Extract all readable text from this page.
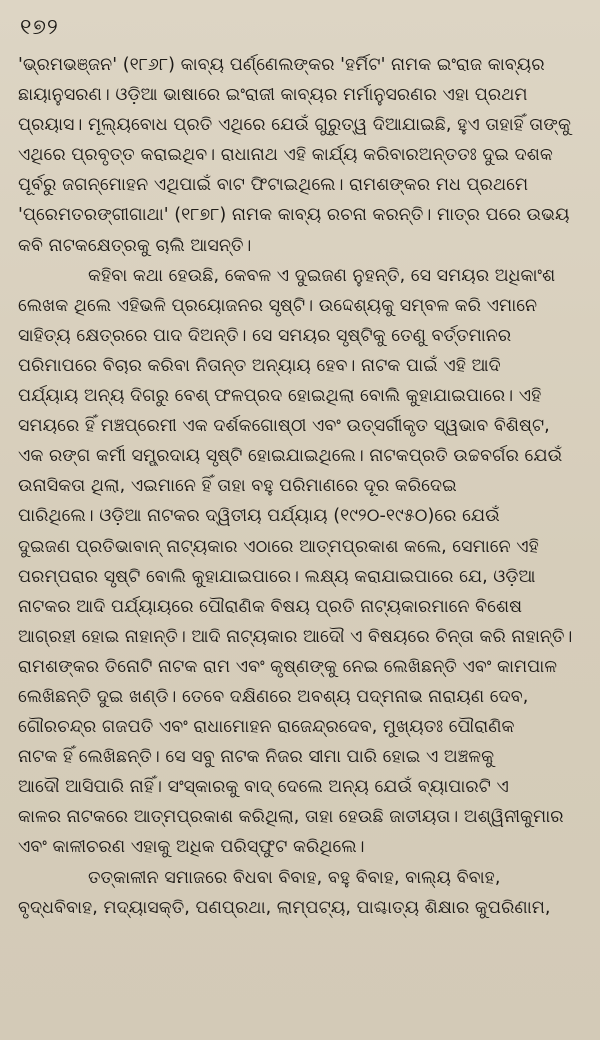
୧୭୨

'ଭ୍ରମଭଞ୍ଜନ' (୧୮୬୮) କାବ୍ୟ ପର୍ଣ୍ଣେଲଙ୍କର 'ହର୍ମିଟ' ନାମକ ଇଂରାଜ କାବ୍ୟର
ଛାୟାନୁସରଣ। ଓଡ଼ିଆ ଭାଷାରେ ଇଂରାଜୀ କାବ୍ୟର ମର୍ମାନୁସରଣର ଏହା ପ୍ରଥମ
ପ୍ରୟାସ। ମୂଲ୍ୟବୋଧ ପ୍ରତି ଏଥିରେ ଯେଉଁ ଗୁରୁତ୍ୱ ଦିଆଯାଇଛି, ହୁଏ ତାହାହିଁ ତାଙ୍କୁ
ଏଥିରେ ପ୍ରବୃତ୍ତ କରାଇଥିବ। ରାଧାନାଥ ଏହି କାର୍ଯ୍ୟ କରିବାରଅନ୍ତତଃ ଦୁଇ ଦଶକ
ପୂର୍ବରୁ ଜଗନ୍ମୋହନ ଏଥିପାଇଁ ବାଟ ଫିଟାଇଥିଲେ। ରାମଶଙ୍କର ମଧ ପ୍ରଥମେ
'ପ୍ରେମତରଙ୍ଗୀଗାଥା' (୧୮୭୮) ନାମକ କାବ୍ୟ ରଚନା କରନ୍ତି। ମାତ୍ର ପରେ ଉଭୟ
କବି ନାଟକକ୍ଷେତ୍ରକୁ ଚାଲି ଆସନ୍ତି।

କହିବା କଥା ହେଉଛି, କେବଳ ଏ ଦୁଇଜଣ ନୁହନ୍ତି, ସେ ସମୟର ଅଧିକାଂଶ
ଲେଖକ ଥିଲେ ଏହିଭଳି ପ୍ରୟୋଜନର ସୃଷ୍ଟି। ଉଦ୍ଦେଶ୍ୟକୁ ସମ୍ବଳ କରି ଏମାନେ
ସାହିତ୍ୟ କ୍ଷେତ୍ରରେ ପାଦ ଦିଅନ୍ତି। ସେ ସମୟର ସୃଷ୍ଟିକୁ ତେଣୁ ବର୍ତ୍ତମାନର
ପରିମାପରେ ବିଚାର କରିବା ନିତାନ୍ତ ଅନ୍ୟାୟ ହେବ। ନାଟକ ପାଇଁ ଏହି ଆଦି
ପର୍ଯ୍ୟାୟ ଅନ୍ୟ ଦିଗରୁ ବେଶ୍ ଫଳପ୍ରଦ ହୋଇଥିଲା ବୋଲି କୁହାଯାଇପାରେ। ଏହି
ସମୟରେ ହିଁ ମଞ୍ଚପ୍ରେମୀ ଏକ ଦର୍ଶକଗୋଷ୍ଠୀ ଏବଂ ଉତ୍ସର୍ଗୀକୃତ ସ୍ୱଭାବ ବିଶିଷ୍ଟ,
ଏକ ରଙ୍ଗ କର୍ମୀ ସମ୍ପ୍ରଦାୟ ସୃଷ୍ଟି ହୋଇଯାଇଥିଲେ। ନାଟକପ୍ରତି ଉଚ୍ଚବର୍ଗର ଯେଉଁ
ଉନାସିକତା ଥିଲା, ଏଇମାନେ ହିଁ ତାହା ବହୁ ପରିମାଣରେ ଦୂର କରିଦେଇ
ପାରିଥିଲେ। ଓଡ଼ିଆ ନାଟକର ଦ୍ୱିତୀୟ ପର୍ଯ୍ୟାୟ (୧୯୨୦-୧୯୫୦)ରେ ଯେଉଁ
ଦୁଇଜଣ ପ୍ରତିଭାବାନ୍ ନାଟ୍ୟକାର ଏଠାରେ ଆତ୍ମପ୍ରକାଶ କଲେ, ସେମାନେ ଏହି
ପରମ୍ପରାର ସୃଷ୍ଟି ବୋଲି କୁହାଯାଇପାରେ। ଲକ୍ଷ୍ୟ କରାଯାଇପାରେ ଯେ, ଓଡ଼ିଆ
ନାଟକର ଆଦି ପର୍ଯ୍ୟାୟରେ ପୌରାଣିକ ବିଷୟ ପ୍ରତି ନାଟ୍ୟକାରମାନେ ବିଶେଷ
ଆଗ୍ରହୀ ହୋଇ ନାହାନ୍ତି। ଆଦି ନାଟ୍ୟକାର ଆଦୌ ଏ ବିଷୟରେ ଚିନ୍ତା କରି ନାହାନ୍ତି।
ରାମଶଙ୍କର ତିନୋଟି ନାଟକ ରାମ ଏବଂ କୃଷ୍ଣଙ୍କୁ ନେଇ ଲେଖିଛନ୍ତି ଏବଂ କାମପାଳ
ଲେଖିଛନ୍ତି ଦୁଇ ଖଣ୍ଡି। ତେବେ ଦକ୍ଷିଣରେ ଅବଶ୍ୟ ପଦ୍ମନାଭ ନାରାୟଣ ଦେବ,
ଗୌରଚନ୍ଦ୍ର ଗଜପତି ଏବଂ ରାଧାମୋହନ ରାଜେନ୍ଦ୍ରଦେବ, ମୁଖ୍ୟତଃ ପୌରାଣିକ
ନାଟକ ହିଁ ଲେଖିଛନ୍ତି। ସେ ସବୁ ନାଟକ ନିଜର ସୀମା ପାରି ହୋଇ ଏ ଅଞ୍ଚଳକୁ
ଆଦୌ ଆସିପାରି ନାହିଁ। ସଂସ୍କାରକୁ ବାଦ୍ ଦେଲେ ଅନ୍ୟ ଯେଉଁ ବ୍ୟାପାରଟି ଏ
କାଳର ନାଟକରେ ଆତ୍ମପ୍ରକାଶ କରିଥିଲା, ତାହା ହେଉଛି ଜାତୀୟତା। ଅଶ୍ୱିନୀକୁମାର
ଏବଂ କାଳୀଚରଣ ଏହାକୁ ଅଧିକ ପରିସ୍ଫୁଟ କରିଥିଲେ।

ତତ୍କାଳୀନ ସମାଜରେ ବିଧବା ବିବାହ, ବହୁ ବିବାହ, ବାଲ୍ୟ ବିବାହ,
ବୃଦ୍ଧବିବାହ, ମଦ୍ୟାସକ୍ତି, ପଣପ୍ରଥା, ଲାମ୍ପଟ୍ୟ, ପାଶ୍ଚାତ୍ୟ ଶିକ୍ଷାର କୁପରିଣାମ,
